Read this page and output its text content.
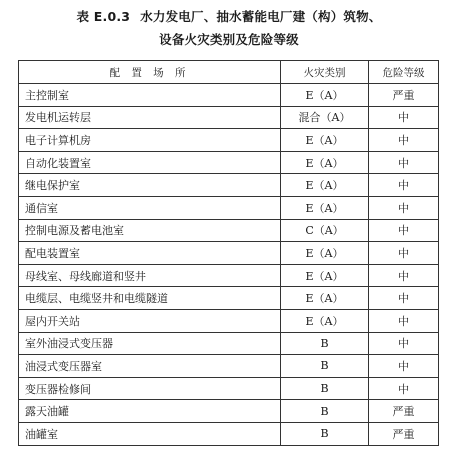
表 E.0.3 水力发电厂、抽水蓄能电厂建（构）筑物、
设备火灾类别及危险等级
配 置 场 所	火灾类别	危险等级
主控制室	E（A）	严重
发电机运转层	混合（A）	中
电子计算机房	E（A）	中
自动化装置室	E（A）	中
继电保护室	E（A）	中
通信室	E（A）	中
控制电源及蓄电池室	C（A）	中
配电装置室	E（A）	中
母线室、母线廊道和竖井	E（A）	中
电缆层、电缆竖井和电缆隧道	E（A）	中
屋内开关站	E（A）	中
室外油浸式变压器	B	中
油浸式变压器室	B	中
变压器检修间	B	中
露天油罐	B	严重
油罐室	B	严重
